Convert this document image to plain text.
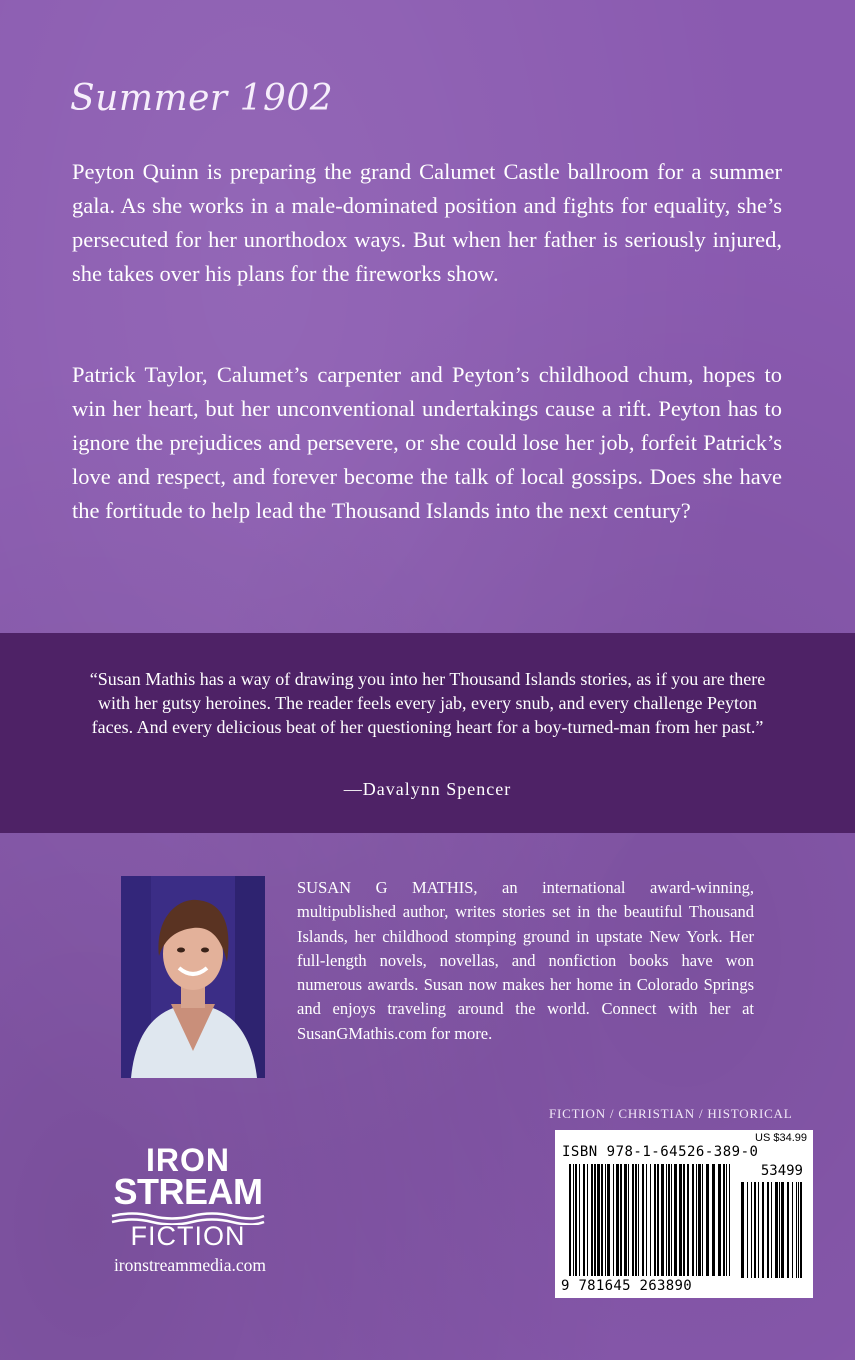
Summer 1902

Peyton Quinn is preparing the grand Calumet Castle ballroom for a summer gala. As she works in a male-dominated position and fights for equality, she’s persecuted for her unorthodox ways. But when her father is seriously injured, she takes over his plans for the fireworks show.

Patrick Taylor, Calumet’s carpenter and Peyton’s childhood chum, hopes to win her heart, but her unconventional undertakings cause a rift. Peyton has to ignore the prejudices and persevere, or she could lose her job, forfeit Patrick’s love and respect, and forever become the talk of local gossips. Does she have the fortitude to help lead the Thousand Islands into the next century?

“Susan Mathis has a way of drawing you into her Thousand Islands stories, as if you are there with her gutsy heroines. The reader feels every jab, every snub, and every challenge Peyton faces. And every delicious beat of her questioning heart for a boy-turned-man from her past.”

—Davalynn Spencer

SUSAN G MATHIS, an international award-winning, multipublished author, writes stories set in the beautiful Thousand Islands, her childhood stomping ground in upstate New York. Her full-length novels, novellas, and nonfiction books have won numerous awards. Susan now makes her home in Colorado Springs and enjoys traveling around the world. Connect with her at SusanGMathis.com for more.

FICTION / CHRISTIAN / HISTORICAL
US $34.99
ISBN 978-1-64526-389-0
53499
9 781645 263890
IRON
STREAM
FICTION
ironstreammedia.com
